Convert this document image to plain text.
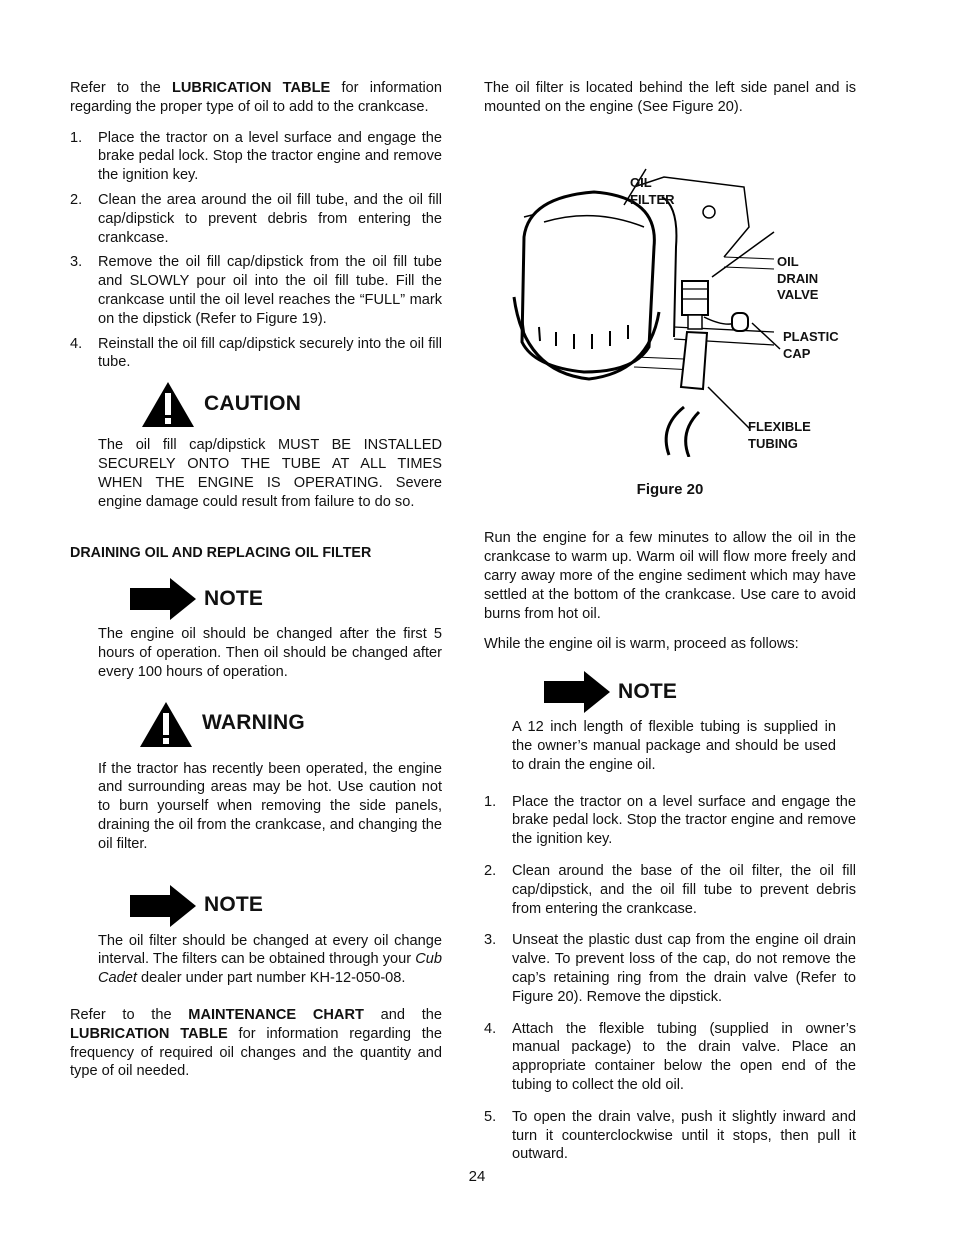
Refer to the LUBRICATION TABLE for information regarding the proper type of oil to add to the crankcase.

1. Place the tractor on a level surface and engage the brake pedal lock. Stop the tractor engine and remove the ignition key.
2. Clean the area around the oil fill tube, and the oil fill cap/dipstick to prevent debris from entering the crankcase.
3. Remove the oil fill cap/dipstick from the oil fill tube and SLOWLY pour oil into the oil fill tube. Fill the crankcase until the oil level reaches the “FULL” mark on the dipstick (Refer to Figure 19).
4. Reinstall the oil fill cap/dipstick securely into the oil fill tube.
CAUTION

The oil fill cap/dipstick MUST BE INSTALLED SECURELY ONTO THE TUBE AT ALL TIMES WHEN THE ENGINE IS OPERATING. Severe engine damage could result from failure to do so.

DRAINING OIL AND REPLACING OIL FILTER

NOTE

The engine oil should be changed after the first 5 hours of operation. Then oil should be changed after every 100 hours of operation.

WARNING

If the tractor has recently been operated, the engine and surrounding areas may be hot. Use caution not to burn yourself when removing the side panels, draining the oil from the crankcase, and changing the oil filter.

NOTE

The oil filter should be changed at every oil change interval. The filters can be obtained through your Cub Cadet dealer under part number KH-12-050-08.

Refer to the MAINTENANCE CHART and the LUBRICATION TABLE for information regarding the frequency of required oil changes and the quantity and type of oil needed.

The oil filter is located behind the left side panel and is mounted on the engine (See Figure 20).

OIL
FILTER
OIL
DRAIN
VALVE
PLASTIC
CAP
FLEXIBLE
TUBING

Figure 20

Run the engine for a few minutes to allow the oil in the crankcase to warm up. Warm oil will flow more freely and carry away more of the engine sediment which may have settled at the bottom of the crankcase. Use care to avoid burns from hot oil.

While the engine oil is warm, proceed as follows:

NOTE

A 12 inch length of flexible tubing is supplied in the owner’s manual package and should be used to drain the engine oil.

1. Place the tractor on a level surface and engage the brake pedal lock. Stop the tractor engine and remove the ignition key.
2. Clean around the base of the oil filter, the oil fill cap/dipstick, and the oil fill tube to prevent debris from entering the crankcase.
3. Unseat the plastic dust cap from the engine oil drain valve. To prevent loss of the cap, do not remove the cap’s retaining ring from the drain valve (Refer to Figure 20). Remove the dipstick.
4. Attach the flexible tubing (supplied in owner’s manual package) to the drain valve. Place an appropriate container below the open end of the tubing to collect the old oil.
5. To open the drain valve, push it slightly inward and turn it counterclockwise until it stops, then pull it outward.
24
